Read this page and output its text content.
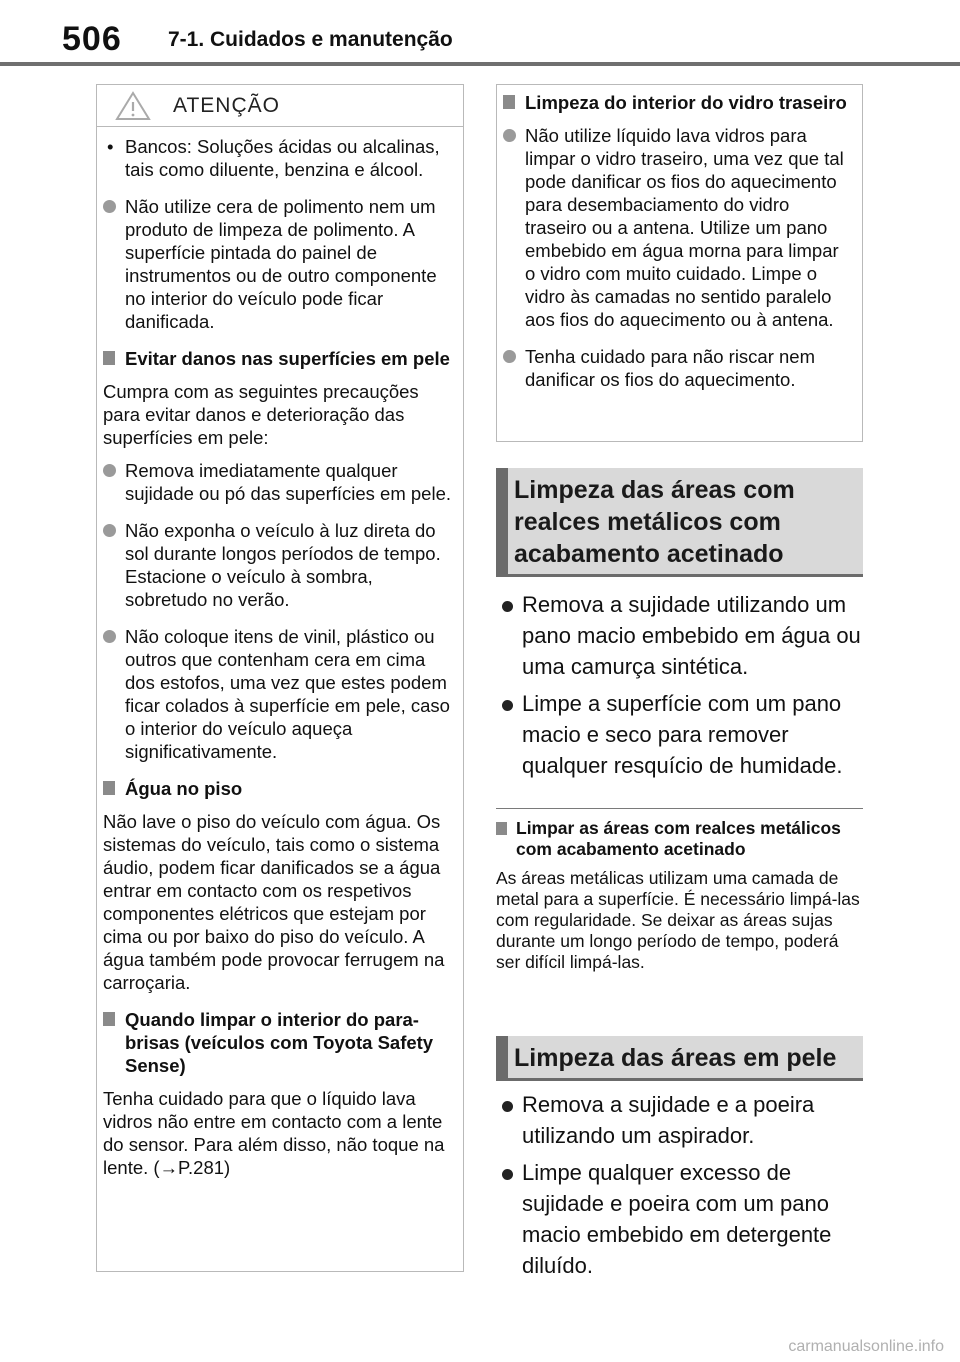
506 7-1. Cuidados e manutenção
ATENÇÃO
• Bancos: Soluções ácidas ou alcalinas, tais como diluente, benzina e álcool.

Não utilize cera de polimento nem um produto de limpeza de polimento. A superfície pintada do painel de instrumentos ou de outro componente no interior do veículo pode ficar danificada.

Evitar danos nas superfícies em pele

Cumpra com as seguintes precauções para evitar danos e deterioração das superfícies em pele:

Remova imediatamente qualquer sujidade ou pó das superfícies em pele.

Não exponha o veículo à luz direta do sol durante longos períodos de tempo. Estacione o veículo à sombra, sobretudo no verão.

Não coloque itens de vinil, plástico ou outros que contenham cera em cima dos estofos, uma vez que estes podem ficar colados à superfície em pele, caso o interior do veículo aqueça significativamente.

Água no piso

Não lave o piso do veículo com água. Os sistemas do veículo, tais como o sistema áudio, podem ficar danificados se a água entrar em contacto com os respetivos componentes elétricos que estejam por cima ou por baixo do piso do veículo. A água também pode provocar ferrugem na carroçaria.

Quando limpar o interior do para-brisas (veículos com Toyota Safety Sense)

Tenha cuidado para que o líquido lava vidros não entre em contacto com a lente do sensor. Para além disso, não toque na lente. (→P.281)

Limpeza do interior do vidro traseiro

Não utilize líquido lava vidros para limpar o vidro traseiro, uma vez que tal pode danificar os fios do aquecimento para desembaciamento do vidro traseiro ou a antena. Utilize um pano embebido em água morna para limpar o vidro com muito cuidado. Limpe o vidro às camadas no sentido paralelo aos fios do aquecimento ou à antena.

Tenha cuidado para não riscar nem danificar os fios do aquecimento.

Limpeza das áreas com realces metálicos com acabamento acetinado

Remova a sujidade utilizando um pano macio embebido em água ou uma camurça sintética.

Limpe a superfície com um pano macio e seco para remover qualquer resquício de humidade.

Limpar as áreas com realces metálicos com acabamento acetinado

As áreas metálicas utilizam uma camada de metal para a superfície. É necessário limpá-las com regularidade. Se deixar as áreas sujas durante um longo período de tempo, poderá ser difícil limpá-las.

Limpeza das áreas em pele

Remova a sujidade e a poeira utilizando um aspirador.

Limpe qualquer excesso de sujidade e poeira com um pano macio embebido em detergente diluído.

carmanualsonline.info
